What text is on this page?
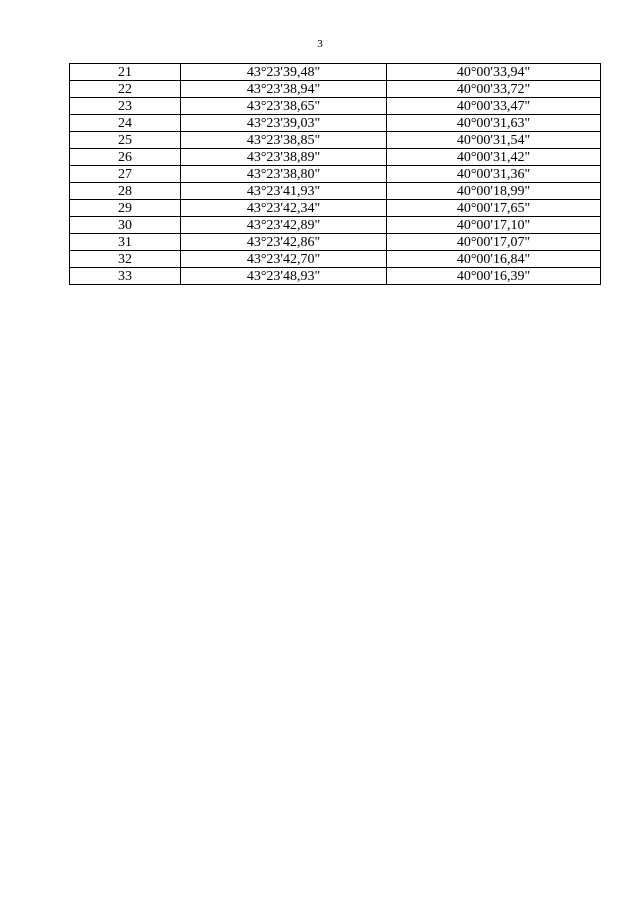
3
21	43°23'39,48"	40°00'33,94"
22	43°23'38,94"	40°00'33,72"
23	43°23'38,65"	40°00'33,47"
24	43°23'39,03"	40°00'31,63"
25	43°23'38,85"	40°00'31,54"
26	43°23'38,89"	40°00'31,42"
27	43°23'38,80"	40°00'31,36"
28	43°23'41,93"	40°00'18,99"
29	43°23'42,34"	40°00'17,65"
30	43°23'42,89"	40°00'17,10"
31	43°23'42,86"	40°00'17,07"
32	43°23'42,70"	40°00'16,84"
33	43°23'48,93"	40°00'16,39"
